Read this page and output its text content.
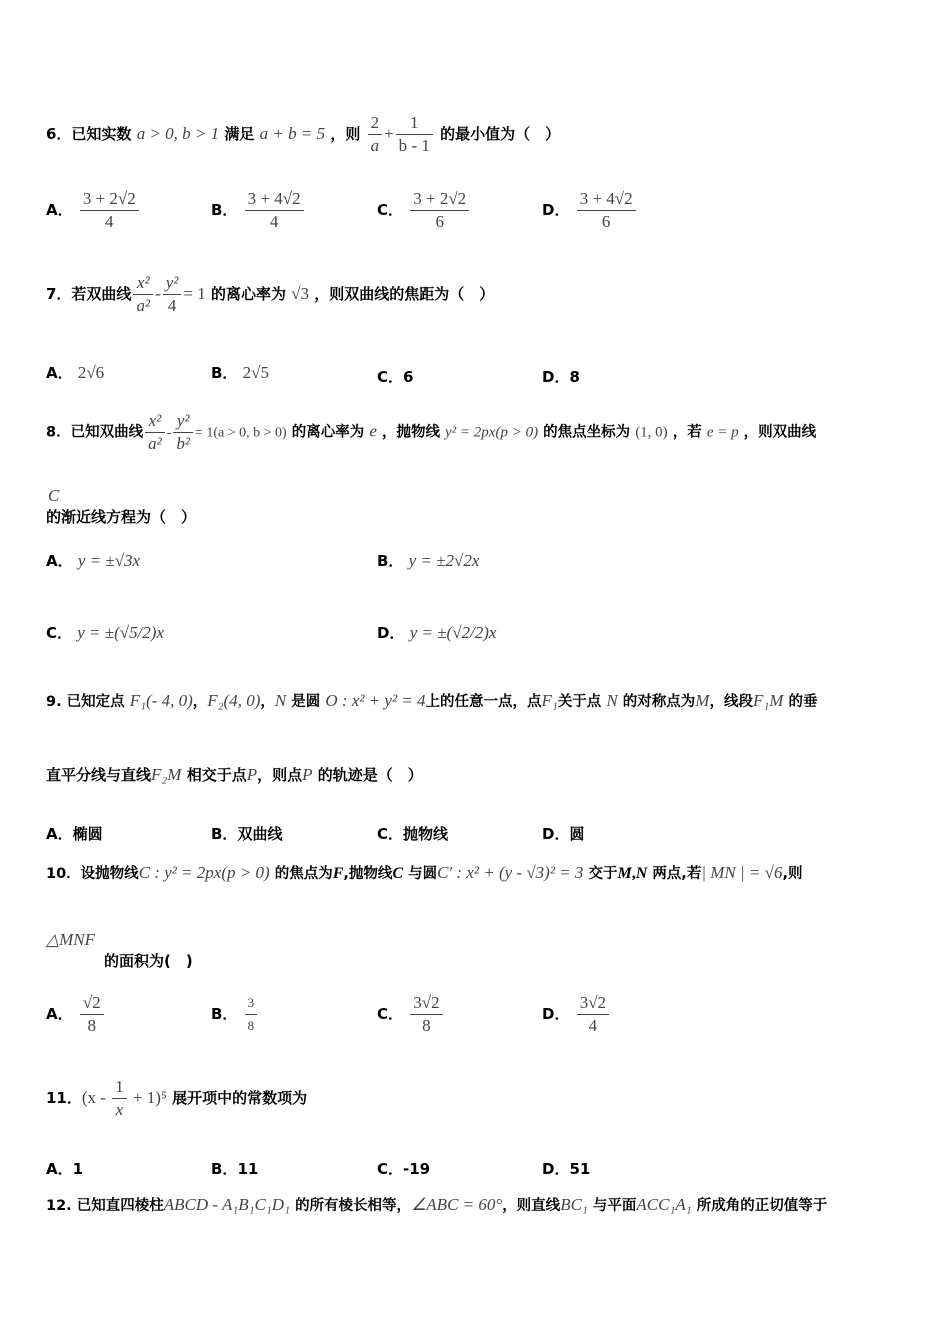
6．已知实数 a > 0, b > 1 满足 a + b = 5 ，则 $\frac{2}{a} + \frac{1}{b - 1}$ 的最小值为（　）
A． $\frac{3 + 2√2}{4}$	B． $\frac{3 + 4√2}{4}$	C． $\frac{3 + 2√2}{6}$	D． $\frac{3 + 4√2}{6}$
7．若双曲线 $\frac{\text{x²}}{\text{a²}} - \frac{\text{y²}}{4} = 1$ 的离心率为 √3 ，则双曲线的焦距为（　）
A． 2√6	B． 2√5	C．6	D．8
8．已知双曲线 $\frac{\text{x²}}{\text{a²}} - \frac{\text{y²}}{\text{b²}} = 1(a > 0$, b > 0) 的离心率为 e ，抛物线 y² = 2px(p > 0) 的焦点坐标为 (1, 0) ，若 e = p ，则双曲线
C
的渐近线方程为（　）
A． y = ±√3x	B． y = ±2√2x
C． y = ±(√5/2)x	D． y = ±(√2/2)x
9. 已知定点 F₁(- 4, 0)，F₂(4, 0)，N 是圆 O : x² + y² = 4上的任意一点，点F₁关于点 N 的对称点为M，线段F₁M 的垂
直平分线与直线F₂M 相交于点P，则点P 的轨迹是（　）
A．椭圆	B．双曲线	C．抛物线	D．圆
10．设抛物线C : y² = 2px(p > 0) 的焦点为F,抛物线C 与圆C′ : x² + (y - √3)² = 3 交于M,N 两点,若| MN | = √6,则
△MNF
的面积为(　)
A． $\frac{√2}{8}$	B． $\frac{3}{8}$	C． $\frac{3√2}{8}$	D． $\frac{3√2}{4}$
11．$(x - \frac{1}{x} + 1)^5$ 展开项中的常数项为
A．1	B．11	C．-19	D．51
12. 已知直四棱柱ABCD - A₁B₁C₁D₁ 的所有棱长相等，∠ABC = 60°，则直线BC₁ 与平面ACC₁A₁ 所成角的正切值等于
